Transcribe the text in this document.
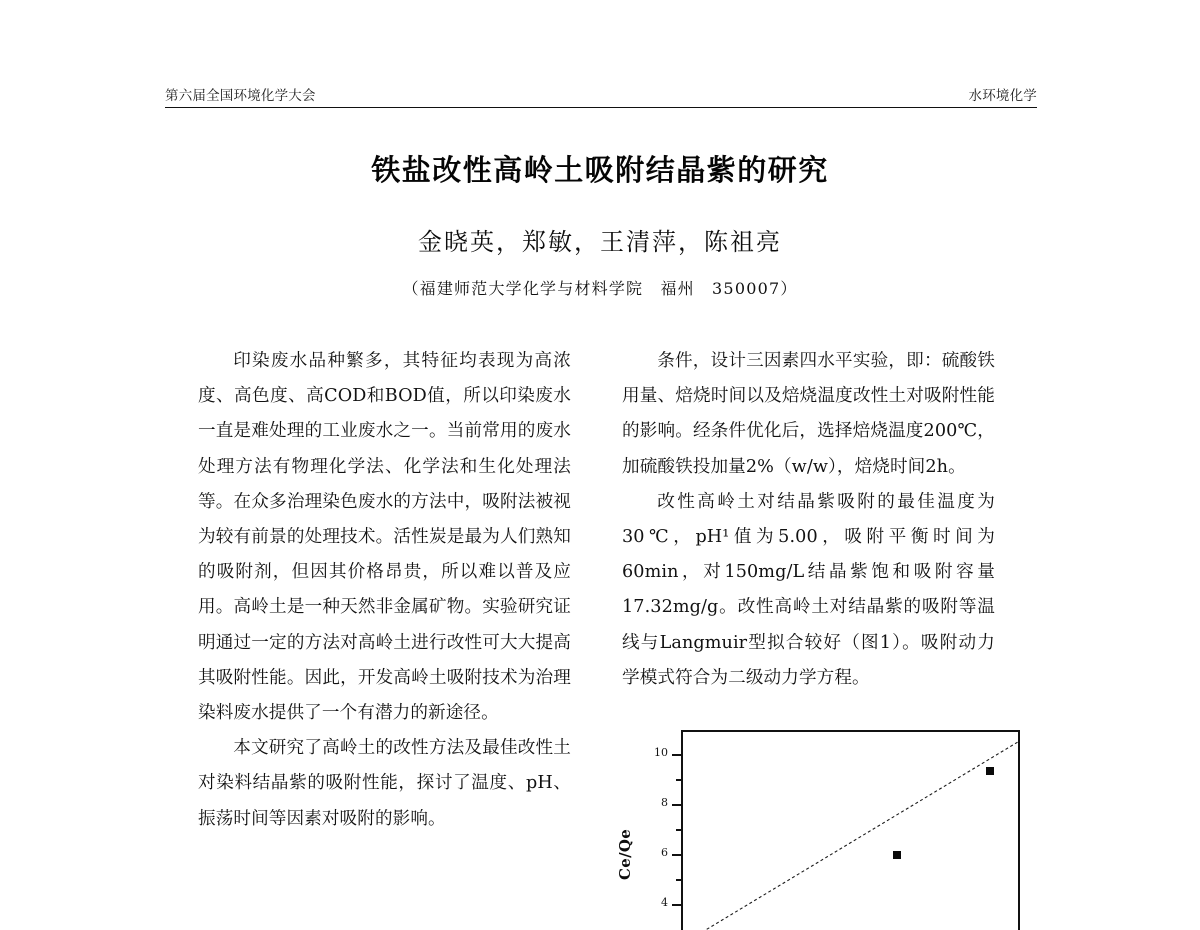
第六届全国环境化学大会	水环境化学
铁盐改性高岭土吸附结晶紫的研究
金晓英，郑敏，王清萍，陈祖亮
（福建师范大学化学与材料学院　福州　350007）

印染废水品种繁多，其特征均表现为高浓度、高色度、高COD和BOD值，所以印染废水一直是难处理的工业废水之一。当前常用的废水处理方法有物理化学法、化学法和生化处理法等。在众多治理染色废水的方法中，吸附法被视为较有前景的处理技术。活性炭是最为人们熟知的吸附剂，但因其价格昂贵，所以难以普及应用。高岭土是一种天然非金属矿物。实验研究证明通过一定的方法对高岭土进行改性可大大提高其吸附性能。因此，开发高岭土吸附技术为治理染料废水提供了一个有潜力的新途径。

本文研究了高岭土的改性方法及最佳改性土对染料结晶紫的吸附性能，探讨了温度、pH、振荡时间等因素对吸附的影响。

条件，设计三因素四水平实验，即：硫酸铁用量、焙烧时间以及焙烧温度改性土对吸附性能的影响。经条件优化后，选择焙烧温度200℃，加硫酸铁投加量2%（w/w），焙烧时间2h。

改性高岭土对结晶紫吸附的最佳温度为30℃，pH¹值为5.00，吸附平衡时间为60min，对150mg/L结晶紫饱和吸附容量17.32mg/g。改性高岭土对结晶紫的吸附等温线与Langmuir型拟合较好（图1）。吸附动力学模式符合为二级动力学方程。

Ce/Qe
4
6
8
10
